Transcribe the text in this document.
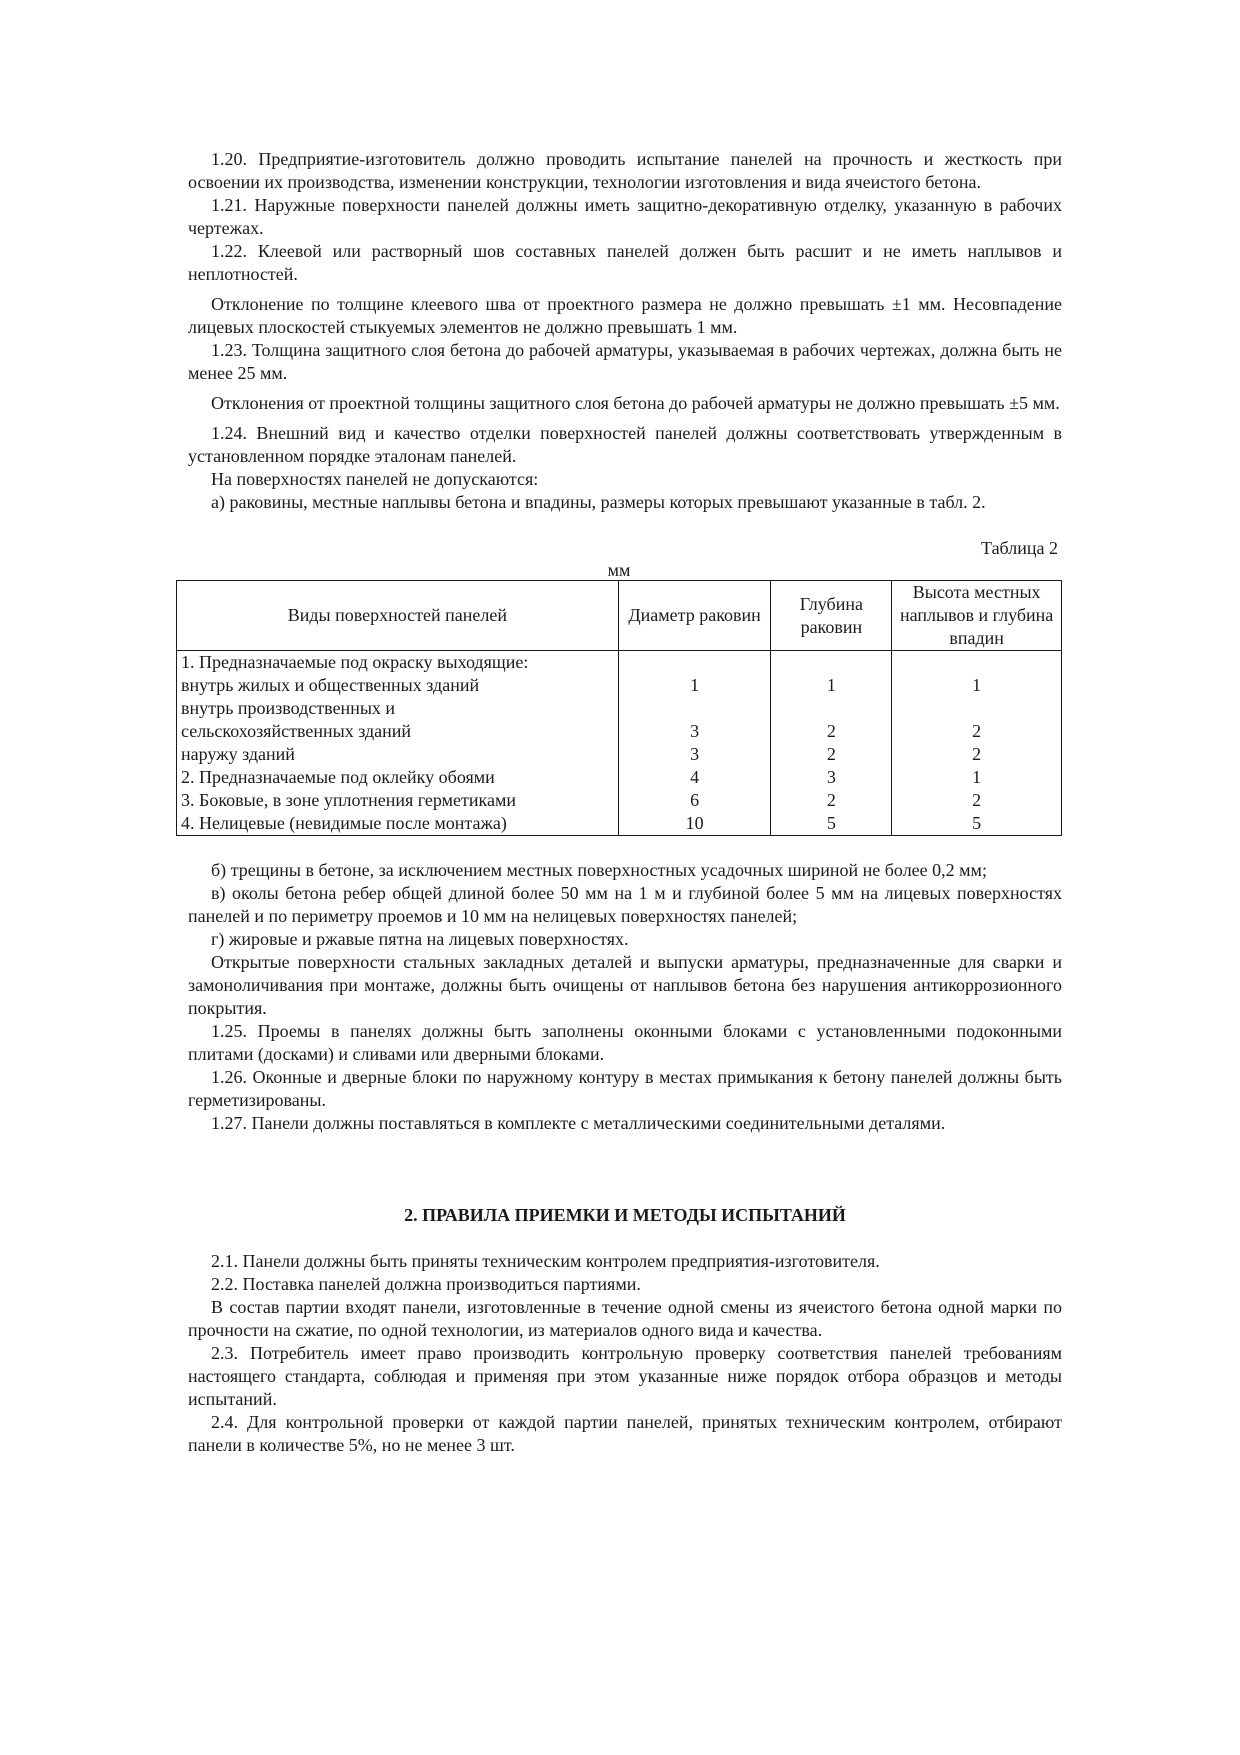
1.20. Предприятие-изготовитель должно проводить испытание панелей на прочность и жесткость при освоении их производства, изменении конструкции, технологии изготовления и вида ячеистого бетона.

1.21. Наружные поверхности панелей должны иметь защитно-декоративную отделку, указанную в рабочих чертежах.

1.22. Клеевой или растворный шов составных панелей должен быть расшит и не иметь наплывов и неплотностей.

Отклонение по толщине клеевого шва от проектного размера не должно превышать ±1 мм. Несовпадение лицевых плоскостей стыкуемых элементов не должно превышать 1 мм.

1.23. Толщина защитного слоя бетона до рабочей арматуры, указываемая в рабочих чертежах, должна быть не менее 25 мм.

Отклонения от проектной толщины защитного слоя бетона до рабочей арматуры не должно превышать ±5 мм.

1.24. Внешний вид и качество отделки поверхностей панелей должны соответствовать утвержденным в установленном порядке эталонам панелей.

На поверхностях панелей не допускаются:

а) раковины, местные наплывы бетона и впадины, размеры которых превышают указанные в табл. 2.

Таблица 2
мм
Виды поверхностей панелей	Диаметр раковин	Глубина раковин	Высота местных наплывов и глубина впадин
1. Предназначаемые под окраску выходящие:			
внутрь жилых и общественных зданий	1	1	1
внутрь производственных и			
сельскохозяйственных зданий	3	2	2
наружу зданий	3	2	2
2. Предназначаемые под оклейку обоями	4	3	1
3. Боковые, в зоне уплотнения герметиками	6	2	2
4. Нелицевые (невидимые после монтажа)	10	5	5

б) трещины в бетоне, за исключением местных поверхностных усадочных шириной не более 0,2 мм;

в) околы бетона ребер общей длиной более 50 мм на 1 м и глубиной более 5 мм на лицевых поверхностях панелей и по периметру проемов и 10 мм на нелицевых поверхностях панелей;

г) жировые и ржавые пятна на лицевых поверхностях.

Открытые поверхности стальных закладных деталей и выпуски арматуры, предназначенные для сварки и замоноличивания при монтаже, должны быть очищены от наплывов бетона без нарушения антикоррозионного покрытия.

1.25. Проемы в панелях должны быть заполнены оконными блоками с установленными подоконными плитами (досками) и сливами или дверными блоками.

1.26. Оконные и дверные блоки по наружному контуру в местах примыкания к бетону панелей должны быть герметизированы.

1.27. Панели должны поставляться в комплекте с металлическими соединительными деталями.

2. ПРАВИЛА ПРИЕМКИ И МЕТОДЫ ИСПЫТАНИЙ

2.1. Панели должны быть приняты техническим контролем предприятия-изготовителя.

2.2. Поставка панелей должна производиться партиями.

В состав партии входят панели, изготовленные в течение одной смены из ячеистого бетона одной марки по прочности на сжатие, по одной технологии, из материалов одного вида и качества.

2.3. Потребитель имеет право производить контрольную проверку соответствия панелей требованиям настоящего стандарта, соблюдая и применяя при этом указанные ниже порядок отбора образцов и методы испытаний.

2.4. Для контрольной проверки от каждой партии панелей, принятых техническим контролем, отбирают панели в количестве 5%, но не менее 3 шт.
